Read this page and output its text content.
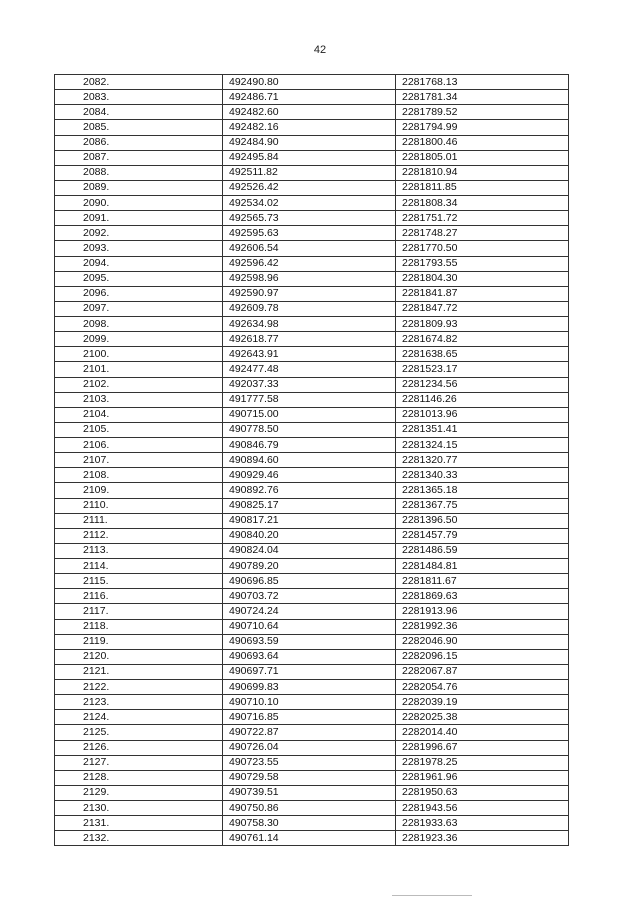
42
2082.	492490.80	2281768.13
2083.	492486.71	2281781.34
2084.	492482.60	2281789.52
2085.	492482.16	2281794.99
2086.	492484.90	2281800.46
2087.	492495.84	2281805.01
2088.	492511.82	2281810.94
2089.	492526.42	2281811.85
2090.	492534.02	2281808.34
2091.	492565.73	2281751.72
2092.	492595.63	2281748.27
2093.	492606.54	2281770.50
2094.	492596.42	2281793.55
2095.	492598.96	2281804.30
2096.	492590.97	2281841.87
2097.	492609.78	2281847.72
2098.	492634.98	2281809.93
2099.	492618.77	2281674.82
2100.	492643.91	2281638.65
2101.	492477.48	2281523.17
2102.	492037.33	2281234.56
2103.	491777.58	2281146.26
2104.	490715.00	2281013.96
2105.	490778.50	2281351.41
2106.	490846.79	2281324.15
2107.	490894.60	2281320.77
2108.	490929.46	2281340.33
2109.	490892.76	2281365.18
2110.	490825.17	2281367.75
2111.	490817.21	2281396.50
2112.	490840.20	2281457.79
2113.	490824.04	2281486.59
2114.	490789.20	2281484.81
2115.	490696.85	2281811.67
2116.	490703.72	2281869.63
2117.	490724.24	2281913.96
2118.	490710.64	2281992.36
2119.	490693.59	2282046.90
2120.	490693.64	2282096.15
2121.	490697.71	2282067.87
2122.	490699.83	2282054.76
2123.	490710.10	2282039.19
2124.	490716.85	2282025.38
2125.	490722.87	2282014.40
2126.	490726.04	2281996.67
2127.	490723.55	2281978.25
2128.	490729.58	2281961.96
2129.	490739.51	2281950.63
2130.	490750.86	2281943.56
2131.	490758.30	2281933.63
2132.	490761.14	2281923.36
